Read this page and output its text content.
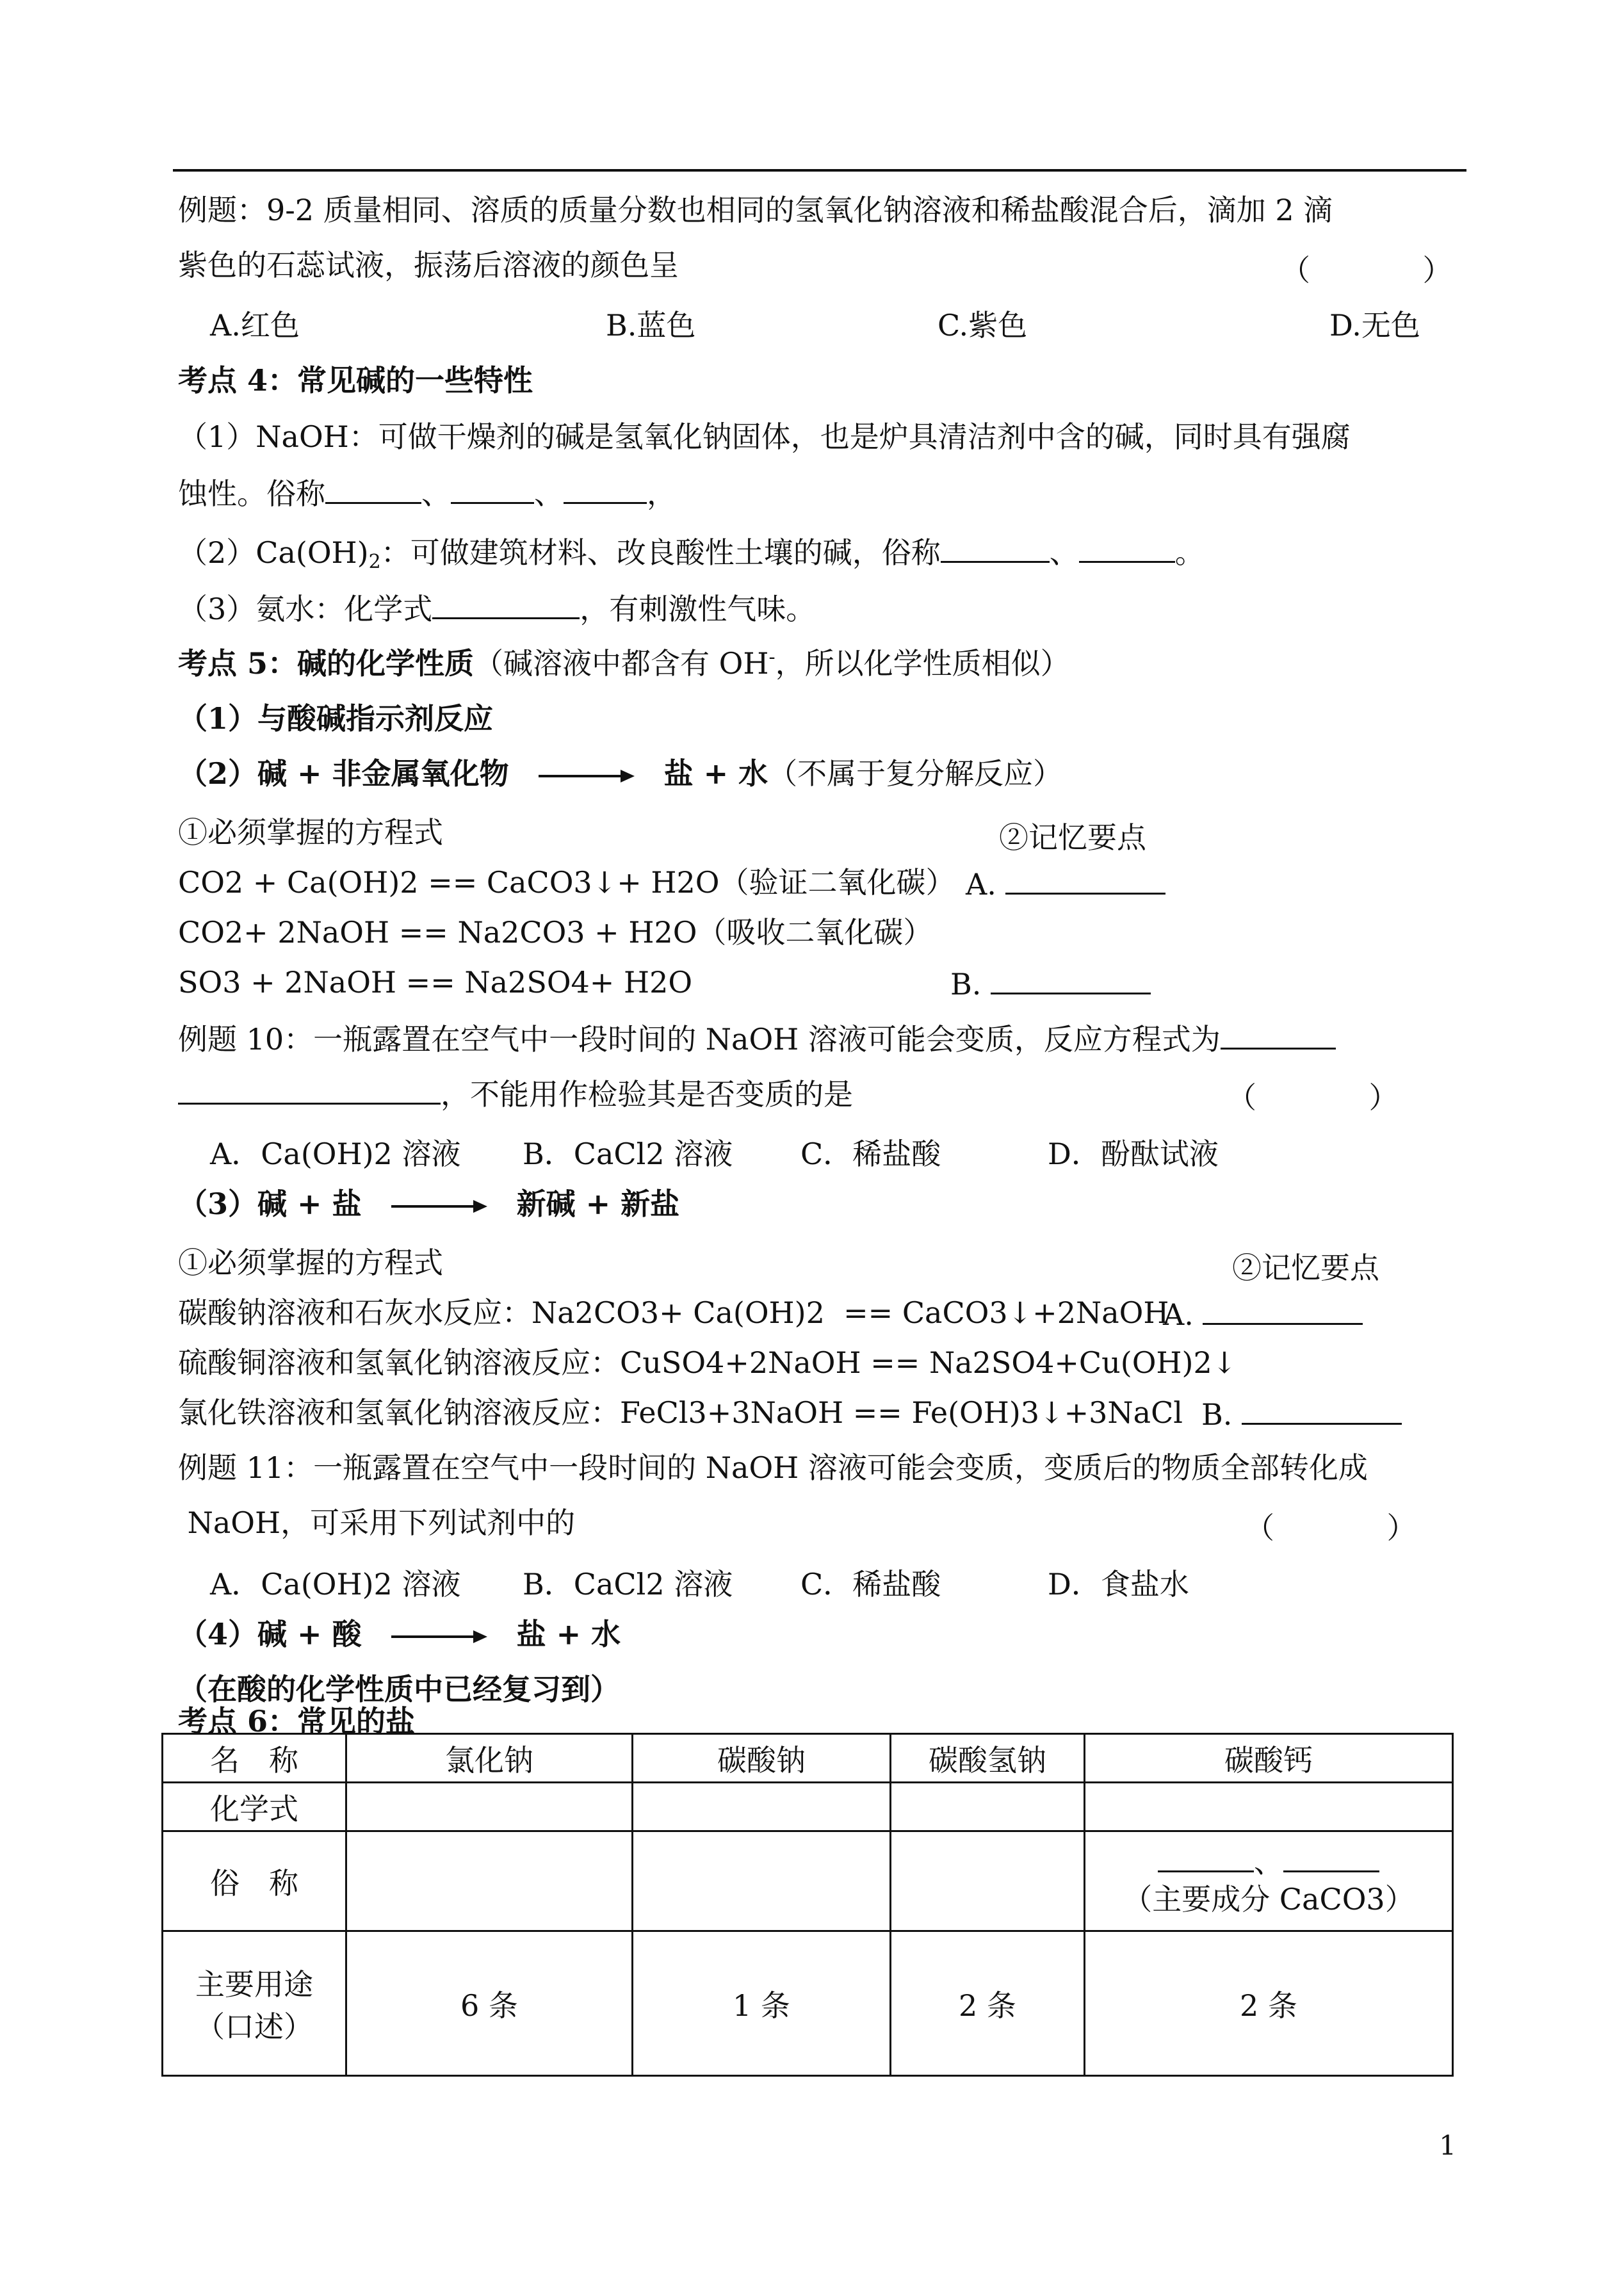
例题：9-2 质量相同、溶质的质量分数也相同的氢氧化钠溶液和稀盐酸混合后，滴加 2 滴
紫色的石蕊试液，振荡后溶液的颜色呈	（            ）
A.红色	B.蓝色	C.紫色	D.无色
考点 4：常见碱的一些特性
（1）NaOH：可做干燥剂的碱是氢氧化钠固体，也是炉具清洁剂中含的碱，同时具有强腐
蚀性。俗称	、	、	，
$(2)Ca(OH)_2$：可做建筑材料、改良酸性土壤的碱，俗称	、	。
（3）氨水：化学式	，有刺激性气味。
考点 5：碱的化学性质（碱溶液中都含有 OH-，所以化学性质相似）
（1）与酸碱指示剂反应
（2）碱 + 非金属氧化物	盐 + 水（不属于复分解反应）
①必须掌握的方程式	②记忆要点
CO2 + Ca(OH)2 == CaCO3↓+ H2O（验证二氧化碳） A.
CO2+ 2NaOH == Na2CO3 + H2O（吸收二氧化碳）
SO3 + 2NaOH == Na2SO4+ H2O	B.
例题 10：一瓶露置在空气中一段时间的 NaOH 溶液可能会变质，反应方程式为
，不能用作检验其是否变质的是	（            ）
A．Ca(OH)2 溶液 B．CaCl2 溶液 C．稀盐酸	D．酚酞试液
（3）碱 + 盐	新碱 + 新盐
①必须掌握的方程式	②记忆要点
碳酸钠溶液和石灰水反应：Na2CO3+ Ca(OH)2  == CaCO3↓+2NaOH
A.
硫酸铜溶液和氢氧化钠溶液反应：CuSO4+2NaOH == Na2SO4+Cu(OH)2↓
氯化铁溶液和氢氧化钠溶液反应：FeCl3+3NaOH == Fe(OH)3↓+3NaCl B.
例题 11：一瓶露置在空气中一段时间的 NaOH 溶液可能会变质，变质后的物质全部转化成
NaOH，可采用下列试剂中的	（            ）
A．Ca(OH)2 溶液 B．CaCl2 溶液 C．稀盐酸	D．食盐水
（4）碱 + 酸	盐 + 水
（在酸的化学性质中已经复习到）
考点 6：常见的盐
名　称	氯化钠	碳酸钠	碳酸氢钠	碳酸钙
化学式				
俗　称				、
（主要成分 CaCO3）

主要用途
（口述）	6 条	1 条	2 条	2 条
1
